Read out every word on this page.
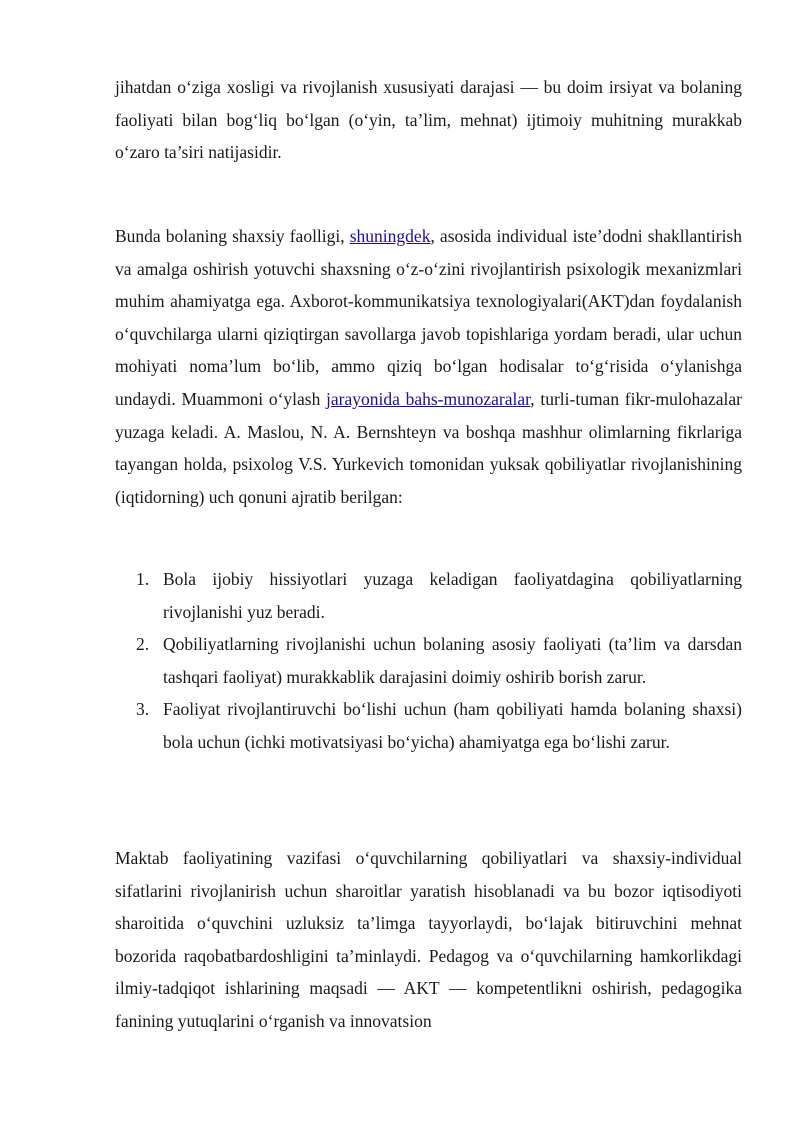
jihatdan o‘ziga xosligi va rivojlanish xususiyati darajasi — bu doim irsiyat va bolaning faoliyati bilan bog‘liq bo‘lgan (o‘yin, ta’lim, mehnat) ijtimoiy muhitning murakkab o‘zaro ta’siri natijasidir.

Bunda bolaning shaxsiy faolligi, shuningdek, asosida individual iste’dodni shakllantirish va amalga oshirish yotuvchi shaxsning o‘z-o‘zini rivojlantirish psixologik mexanizmlari muhim ahamiyatga ega. Axborot-kommunikatsiya texnologiyalari(AKT)dan foydalanish o‘quvchilarga ularni qiziqtirgan savollarga javob topishlariga yordam beradi, ular uchun mohiyati noma’lum bo‘lib, ammo qiziq bo‘lgan hodisalar to‘g‘risida o‘ylanishga undaydi. Muammoni o‘ylash jarayonida bahs-munozaralar, turli-tuman fikr-mulohazalar yuzaga keladi. A. Maslou, N. A. Bernshteyn va boshqa mashhur olimlarning fikrlariga tayangan holda, psixolog V.S. Yurkevich tomonidan yuksak qobiliyatlar rivojlanishining (iqtidorning) uch qonuni ajratib berilgan:

1. Bola ijobiy hissiyotlari yuzaga keladigan faoliyatdagina qobiliyatlarning rivojlanishi yuz beradi.
2. Qobiliyatlarning rivojlanishi uchun bolaning asosiy faoliyati (ta’lim va darsdan tashqari faoliyat) murakkablik darajasini doimiy oshirib borish zarur.
3. Faoliyat rivojlantiruvchi bo‘lishi uchun (ham qobiliyati hamda bolaning shaxsi) bola uchun (ichki motivatsiyasi bo‘yicha) ahamiyatga ega bo‘lishi zarur.

Maktab faoliyatining vazifasi o‘quvchilarning qobiliyatlari va shaxsiy-individual sifatlarini rivojlanirish uchun sharoitlar yaratish hisoblanadi va bu bozor iqtisodiyoti sharoitida o‘quvchini uzluksiz ta’limga tayyorlaydi, bo‘lajak bitiruvchini mehnat bozorida raqobatbardoshligini ta’minlaydi. Pedagog va o‘quvchilarning hamkorlikdagi ilmiy-tadqiqot ishlarining maqsadi — AKT — kompetentlikni oshirish, pedagogika fanining yutuqlarini o‘rganish va innovatsion
